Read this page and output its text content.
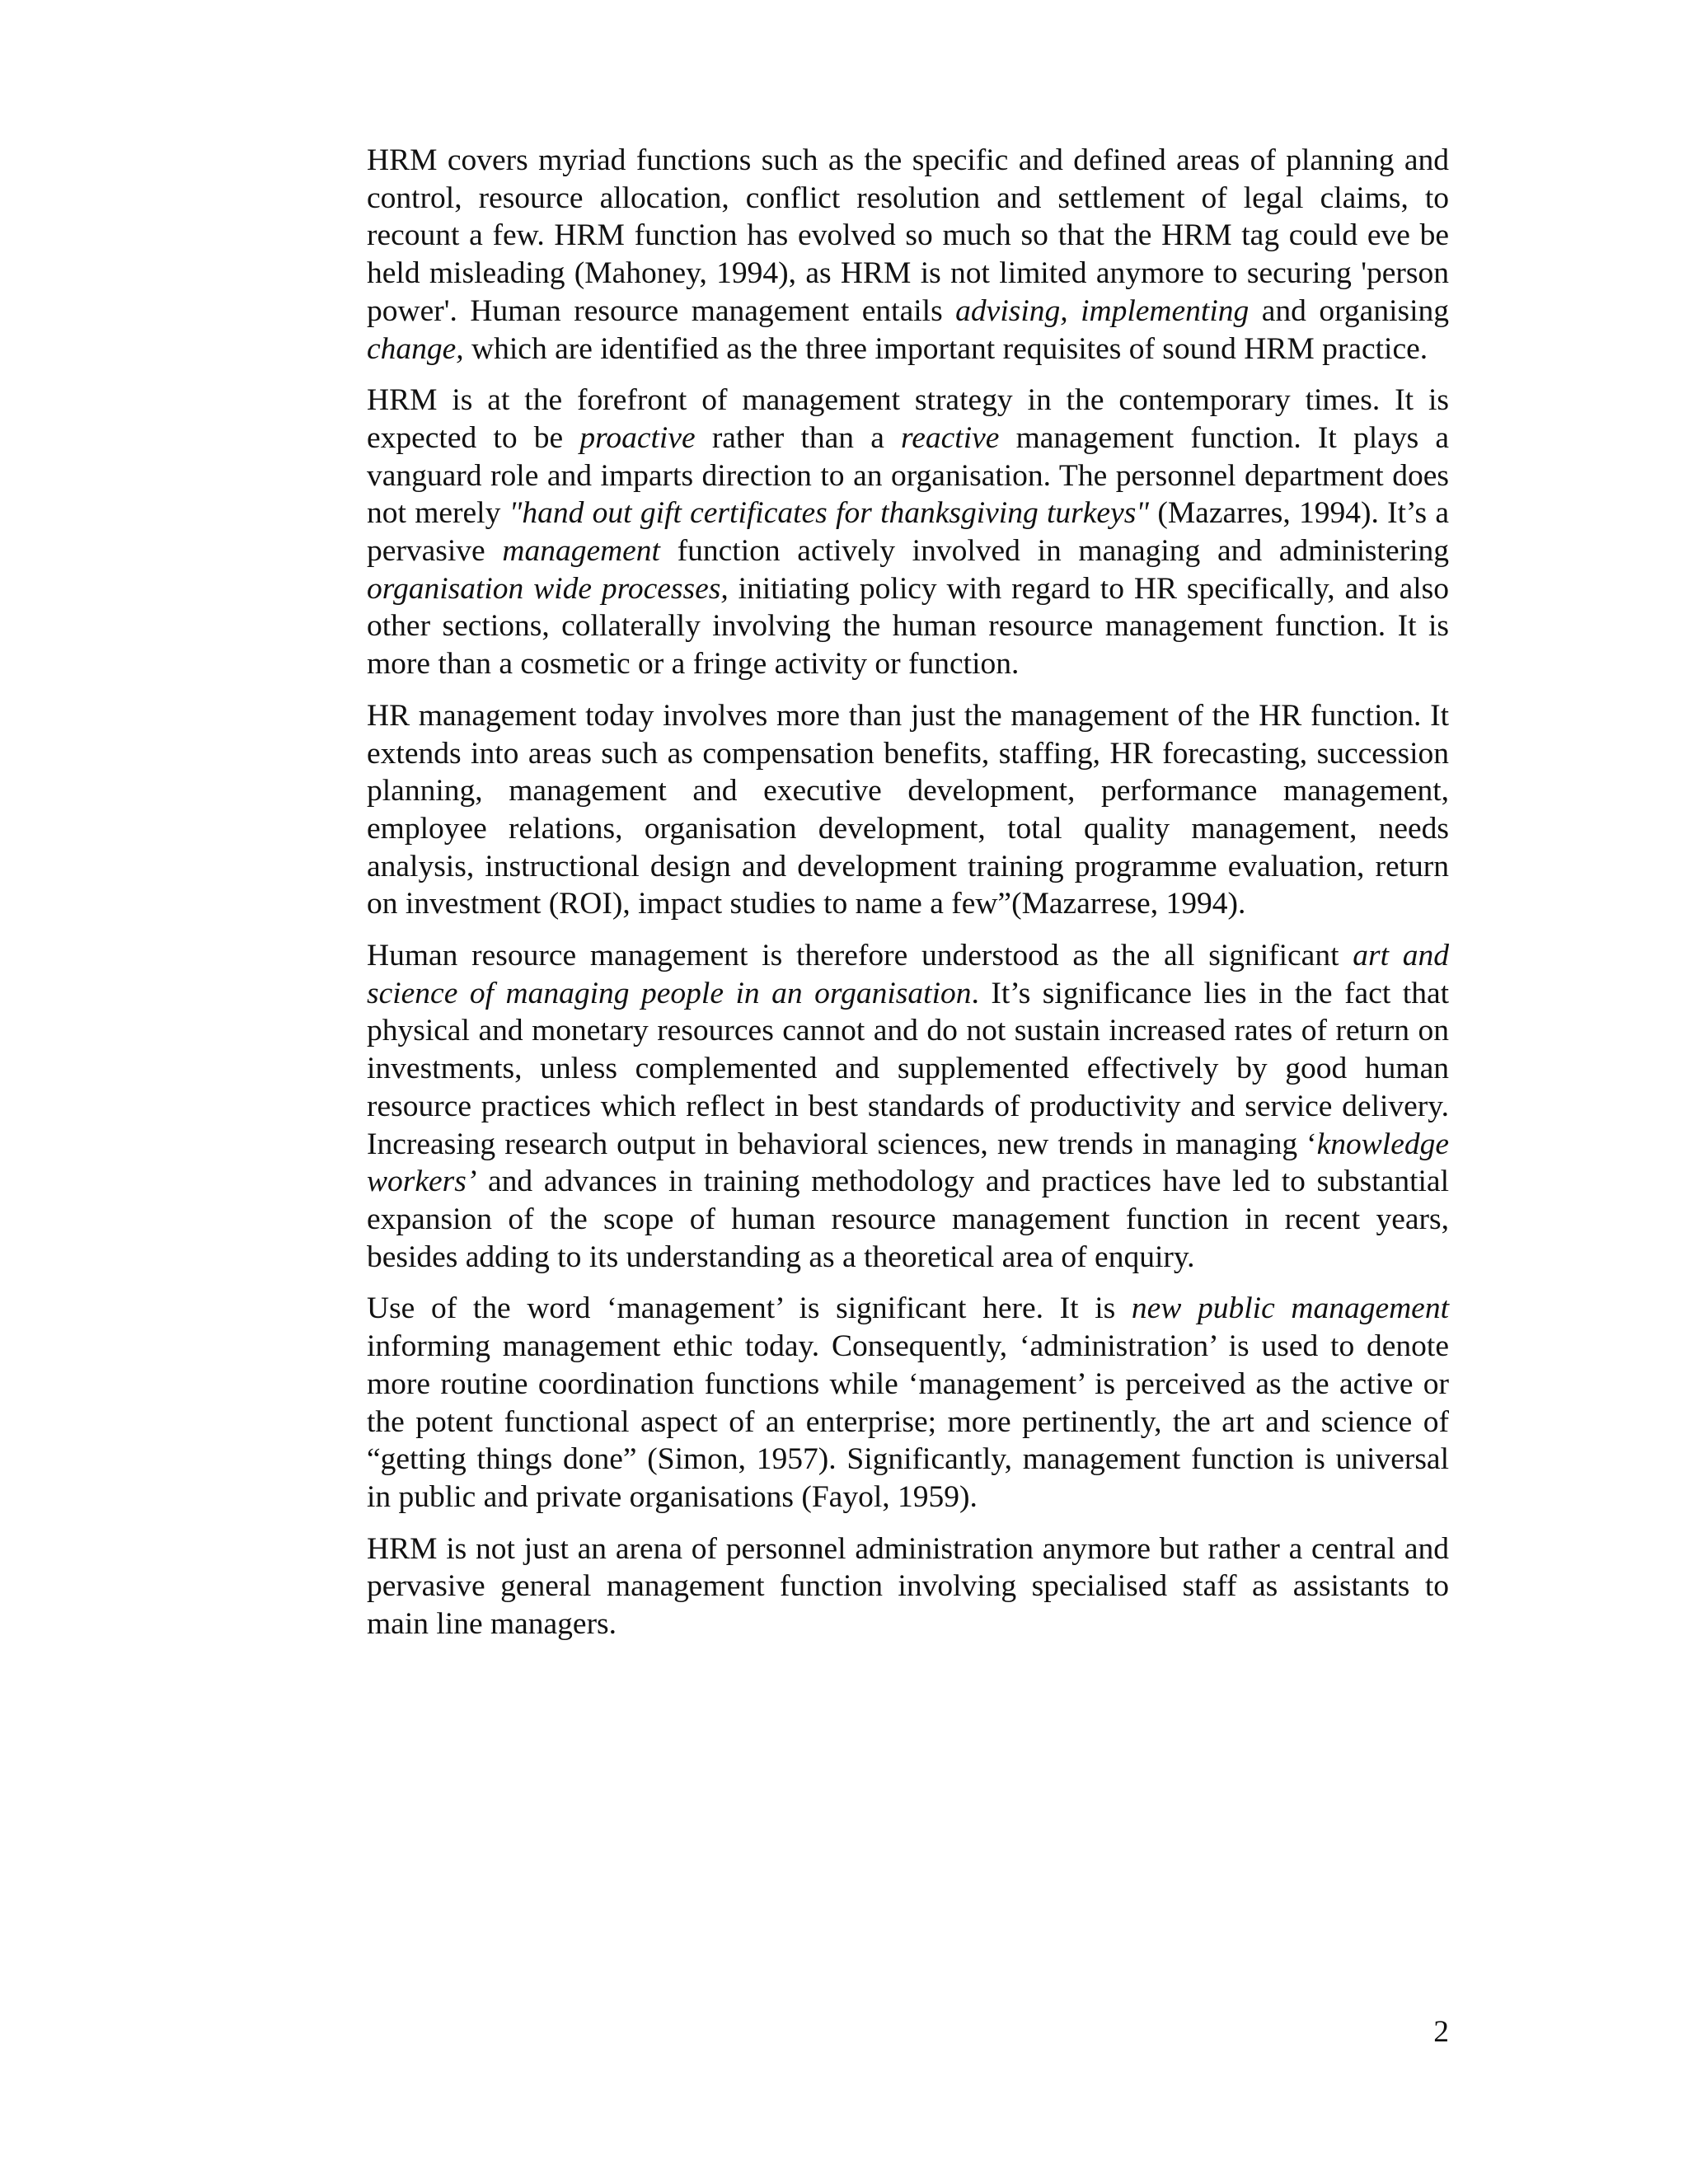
HRM covers myriad functions such as the specific and defined areas of planning and control, resource allocation, conflict resolution and settlement of legal claims, to recount a few. HRM function has evolved so much so that the HRM tag could eve be held misleading (Mahoney, 1994), as HRM is not limited anymore to securing 'person power'. Human resource management entails advising, implementing and organising change, which are identified as the three important requisites of sound HRM practice.

HRM is at the forefront of management strategy in the contemporary times. It is expected to be proactive rather than a reactive management function. It plays a vanguard role and imparts direction to an organisation. The personnel department does not merely "hand out gift certificates for thanksgiving turkeys" (Mazarres, 1994). It’s a pervasive management function actively involved in managing and administering organisation wide processes, initiating policy with regard to HR specifically, and also other sections, collaterally involving the human resource management function. It is more than a cosmetic or a fringe activity or function.

HR management today involves more than just the management of the HR function. It extends into areas such as compensation benefits, staffing, HR forecasting, succession planning, management and executive development, performance management, employee relations, organisation development, total quality management, needs analysis, instructional design and development training programme evaluation, return on investment (ROI), impact studies to name a few”(Mazarrese, 1994).

Human resource management is therefore understood as the all significant art and science of managing people in an organisation. It’s significance lies in the fact that physical and monetary resources cannot and do not sustain increased rates of return on investments, unless complemented and supplemented effectively by good human resource practices which reflect in best standards of productivity and service delivery. Increasing research output in behavioral sciences, new trends in managing ‘knowledge workers’ and advances in training methodology and practices have led to substantial expansion of the scope of human resource management function in recent years, besides adding to its understanding as a theoretical area of enquiry.

Use of the word ‘management’ is significant here. It is new public management informing management ethic today. Consequently, ‘administration’ is used to denote more routine coordination functions while ‘management’ is perceived as the active or the potent functional aspect of an enterprise; more pertinently, the art and science of “getting things done” (Simon, 1957). Significantly, management function is universal in public and private organisations (Fayol, 1959).

HRM is not just an arena of personnel administration anymore but rather a central and pervasive general management function involving specialised staff as assistants to main line managers.

2
